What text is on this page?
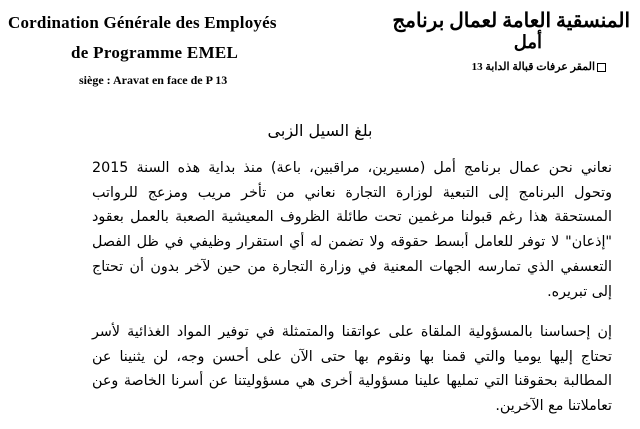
Cordination Générale des Employés
de Programme EMEL
siège : Aravat en face de P 13
المنسقية العامة لعمال برنامج
أمل
المقر عرفات قبالة الدابة 13
بلغ السيل الزبى
نعاني نحن عمال برنامج أمل (مسيرين، مراقبين، باعة) منذ بداية هذه السنة 2015 وتحول البرنامج إلى التبعية لوزارة التجارة نعاني من تأخر مريب ومزعج للرواتب المستحقة هذا رغم قبولنا مرغمين تحت طائلة الظروف المعيشية الصعبة بالعمل بعقود "إذعان" لا توفر للعامل أبسط حقوقه ولا تضمن له أي استقرار وظيفي في ظل الفصل التعسفي الذي تمارسه الجهات المعنية في وزارة التجارة من حين لآخر بدون أن تحتاج إلى تبريره.
إن إحساسنا بالمسؤولية الملقاة على عواتقنا والمتمثلة في توفير المواد الغذائية لأسر تحتاج إليها يوميا والتي قمنا بها ونقوم بها حتى الآن على أحسن وجه، لن يثنينا عن المطالبة بحقوقنا التي تمليها علينا مسؤولية أخرى هي مسؤوليتنا عن أسرنا الخاصة وعن تعاملاتنا مع الآخرين.
